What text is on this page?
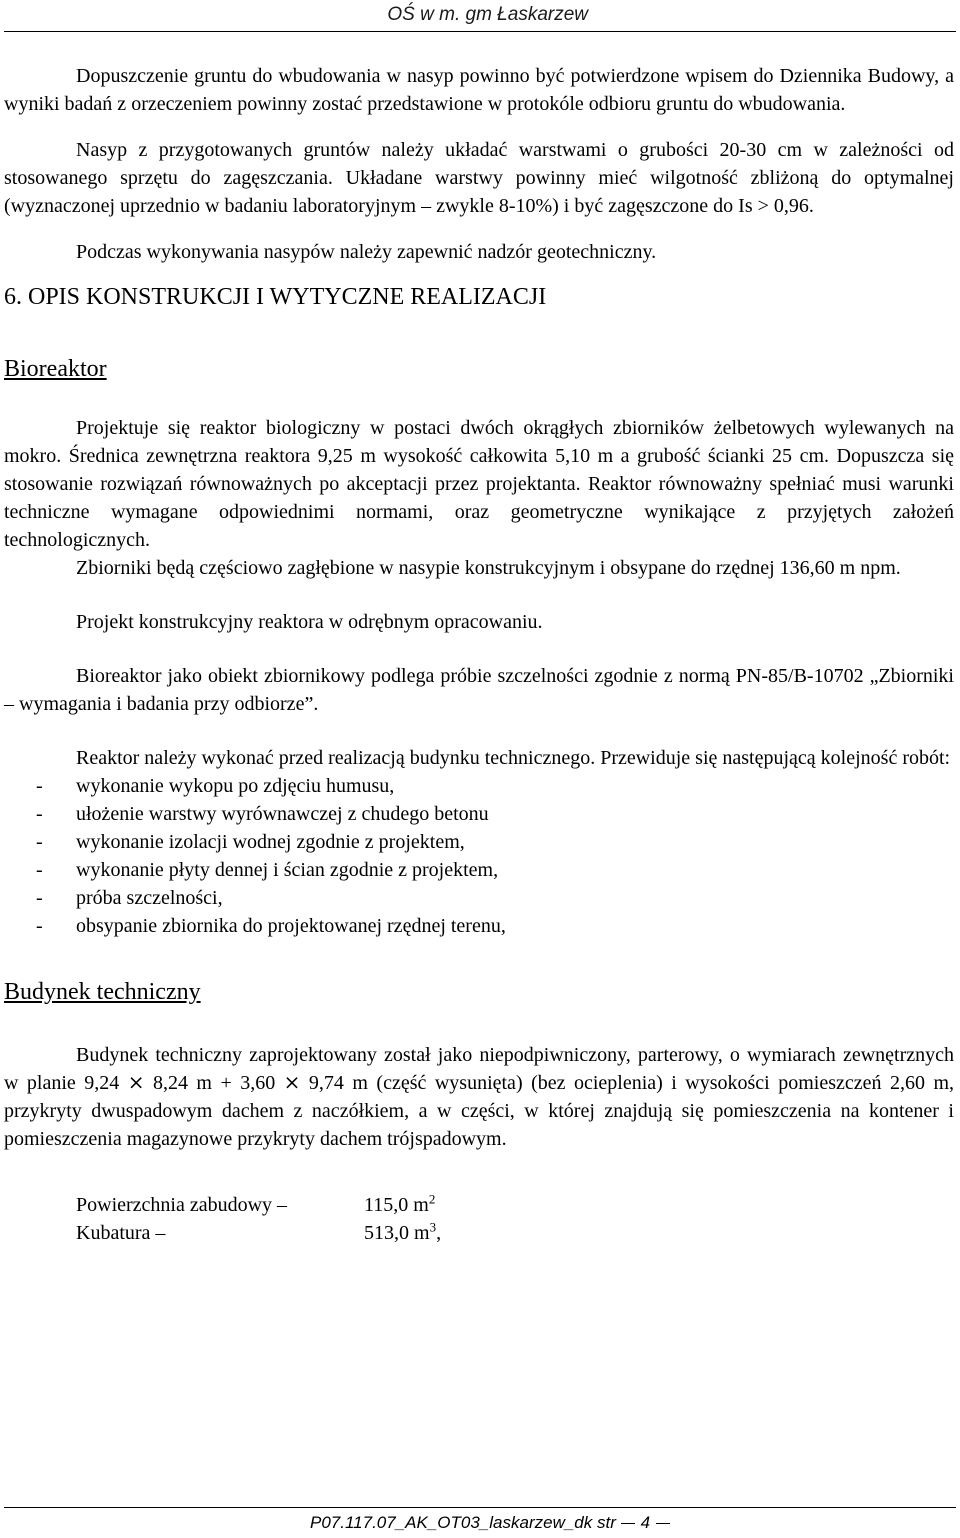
OŚ w m. gm Łaskarzew

Dopuszczenie gruntu do wbudowania w nasyp powinno być potwierdzone wpisem do Dziennika Budowy, a wyniki badań z orzeczeniem powinny zostać przedstawione w protokóle odbioru gruntu do wbudowania.

Nasyp z przygotowanych gruntów należy układać warstwami o grubości 20-30 cm w zależności od stosowanego sprzętu do zagęszczania. Układane warstwy powinny mieć wilgotność zbliżoną do optymalnej (wyznaczonej uprzednio w badaniu laboratoryjnym – zwykle 8-10%) i być zagęszczone do Is > 0,96.

Podczas wykonywania nasypów należy zapewnić nadzór geotechniczny.

6. OPIS KONSTRUKCJI I WYTYCZNE REALIZACJI
Bioreaktor

Projektuje się reaktor biologiczny w postaci dwóch okrągłych zbiorników żelbetowych wylewanych na mokro. Średnica zewnętrzna reaktora 9,25 m wysokość całkowita 5,10 m a grubość ścianki 25 cm. Dopuszcza się stosowanie rozwiązań równoważnych po akceptacji przez projektanta. Reaktor równoważny spełniać musi warunki techniczne wymagane odpowiednimi normami, oraz geometryczne wynikające z przyjętych założeń technologicznych.

Zbiorniki będą częściowo zagłębione w nasypie konstrukcyjnym i obsypane do rzędnej 136,60 m npm.

Projekt konstrukcyjny reaktora w odrębnym opracowaniu.

Bioreaktor jako obiekt zbiornikowy podlega próbie szczelności zgodnie z normą PN-85/B-10702 „Zbiorniki – wymagania i badania przy odbiorze”.

Reaktor należy wykonać przed realizacją budynku technicznego. Przewiduje się następującą kolejność robót:

- wykonanie wykopu po zdjęciu humusu,
- ułożenie warstwy wyrównawczej z chudego betonu
- wykonanie izolacji wodnej zgodnie z projektem,
- wykonanie płyty dennej i ścian zgodnie z projektem,
- próba szczelności,
- obsypanie zbiornika do projektowanej rzędnej terenu,
Budynek techniczny

Budynek techniczny zaprojektowany został jako niepodpiwniczony, parterowy, o wymiarach zewnętrznych w planie 9,24 ⨯ 8,24 m + 3,60 ⨯ 9,74 m (część wysunięta) (bez ocieplenia) i wysokości pomieszczeń 2,60 m, przykryty dwuspadowym dachem z naczółkiem, a w części, w której znajdują się pomieszczenia na kontener i pomieszczenia magazynowe przykryty dachem trójspadowym.

Powierzchnia zabudowy –	115,0 $m^2$
Kubatura –	513,0 $m^3$,
P07.117.07_AK_OT03_laskarzew_dk str 4
